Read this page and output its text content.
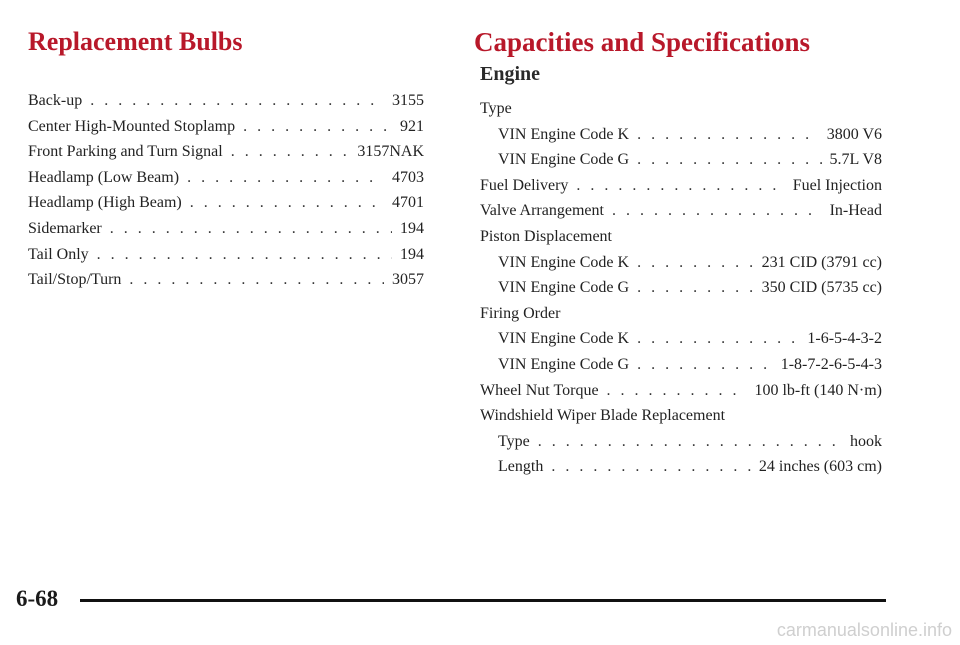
Replacement Bulbs
Back-up . . .	3155
Center High-Mounted Stoplamp . . .	921
Front Parking and Turn Signal . . .	3157NAK
Headlamp (Low Beam) . . .	4703
Headlamp (High Beam) . . .	4701
Sidemarker . . .	194
Tail Only . . .	194
Tail/Stop/Turn . . .	3057
Capacities and Specifications
Engine
Type
VIN Engine Code K . . .	3800 V6
VIN Engine Code G . . .	5.7L V8
Fuel Delivery . . .	Fuel Injection
Valve Arrangement . . .	In-Head
Piston Displacement
VIN Engine Code K . . .	231 CID (3791 cc)
VIN Engine Code G . . .	350 CID (5735 cc)
Firing Order
VIN Engine Code K . . .	1-6-5-4-3-2
VIN Engine Code G . . .	1-8-7-2-6-5-4-3
Wheel Nut Torque . . .	100 lb-ft (140 N·m)
Windshield Wiper Blade Replacement
Type . . .	hook
Length . . .	24 inches (603 cm)
6-68
carmanualsonline.info
